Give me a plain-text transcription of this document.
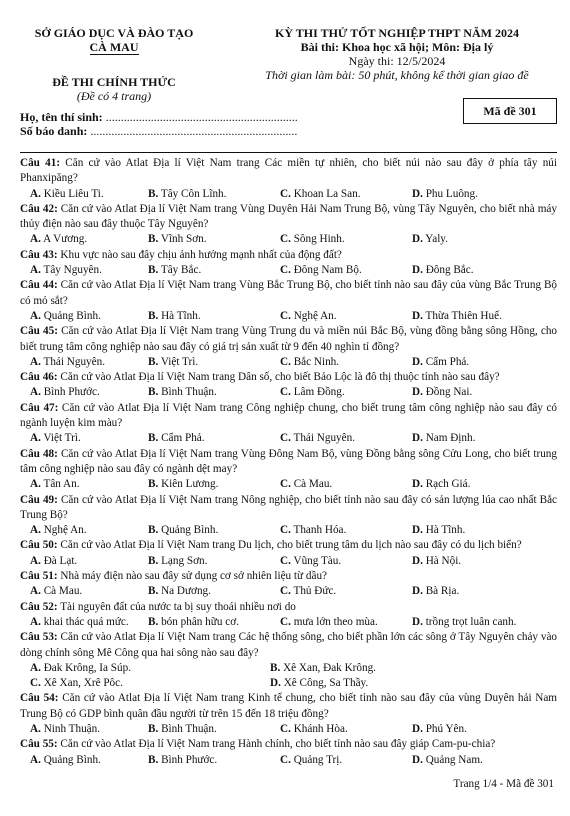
SỞ GIÁO DỤC VÀ ĐÀO TẠO
CÀ MAU
ĐỀ THI CHÍNH THỨC
(Đề có 4 trang)
KỲ THI THỬ TỐT NGHIỆP THPT NĂM 2024
Bài thi: Khoa học xã hội; Môn: Địa lý
Ngày thi: 12/5/2024
Thời gian làm bài: 50 phút, không kể thời gian giao đề
Mã đề 301
Họ, tên thí sinh: ................................................................
Số báo danh: .....................................................................
Câu 41: Căn cứ vào Atlat Địa lí Việt Nam trang Các miền tự nhiên, cho biết núi nào sau đây ở phía tây núi Phanxipăng?
A. Kiều Liêu Ti.	B. Tây Côn Lĩnh.	C. Khoan La San.	D. Phu Luông.
Câu 42: Căn cứ vào Atlat Địa lí Việt Nam trang Vùng Duyên Hải Nam Trung Bộ, vùng Tây Nguyên, cho biết nhà máy thủy điện nào sau đây thuộc Tây Nguyên?
A. A Vương.	B. Vĩnh Sơn.	C. Sông Hinh.	D. Yaly.
Câu 43: Khu vực nào sau đây chịu ảnh hưởng mạnh nhất của động đất?
A. Tây Nguyên.	B. Tây Bắc.	C. Đông Nam Bộ.	D. Đông Bắc.
Câu 44: Căn cứ vào Atlat Địa lí Việt Nam trang Vùng Bắc Trung Bộ, cho biết tỉnh nào sau đây của vùng Bắc Trung Bộ có mỏ sắt?
A. Quảng Bình.	B. Hà Tĩnh.	C. Nghệ An.	D. Thừa Thiên Huế.
Câu 45: Căn cứ vào Atlat Địa lí Việt Nam trang Vùng Trung du và miền núi Bắc Bộ, vùng đồng bằng sông Hồng, cho biết trung tâm công nghiệp nào sau đây có giá trị sản xuất từ 9 đến 40 nghìn tỉ đồng?
A. Thái Nguyên.	B. Việt Trì.	C. Bắc Ninh.	D. Cẩm Phả.
Câu 46: Căn cứ vào Atlat Địa lí Việt Nam trang Dân số, cho biết Bảo Lộc là đô thị thuộc tỉnh nào sau đây?
A. Bình Phước.	B. Bình Thuận.	C. Lâm Đồng.	D. Đồng Nai.
Câu 47: Căn cứ vào Atlat Địa lí Việt Nam trang Công nghiệp chung, cho biết trung tâm công nghiệp nào sau đây có ngành luyện kim màu?
A. Việt Trì.	B. Cẩm Phả.	C. Thái Nguyên.	D. Nam Định.
Câu 48: Căn cứ vào Atlat Địa lí Việt Nam trang Vùng Đông Nam Bộ, vùng Đồng bằng sông Cửu Long, cho biết trung tâm công nghiệp nào sau đây có ngành dệt may?
A. Tân An.	B. Kiên Lương.	C. Cà Mau.	D. Rạch Giá.
Câu 49: Căn cứ vào Atlat Địa lí Việt Nam trang Nông nghiệp, cho biết tỉnh nào sau đây có sản lượng lúa cao nhất Bắc Trung Bộ?
A. Nghệ An.	B. Quảng Bình.	C. Thanh Hóa.	D. Hà Tĩnh.
Câu 50: Căn cứ vào Atlat Địa lí Việt Nam trang Du lịch, cho biết trung tâm du lịch nào sau đây có du lịch biển?
A. Đà Lạt.	B. Lạng Sơn.	C. Vũng Tàu.	D. Hà Nội.
Câu 51: Nhà máy điện nào sau đây sử dụng cơ sở nhiên liệu từ dầu?
A. Cà Mau.	B. Na Dương.	C. Thủ Đức.	D. Bà Rịa.
Câu 52: Tài nguyên đất của nước ta bị suy thoái nhiều nơi do
A. khai thác quá mức. B. bón phân hữu cơ.	C. mưa lớn theo mùa.	D. trồng trọt luân canh.
Câu 53: Căn cứ vào Atlat Địa lí Việt Nam trang Các hệ thống sông, cho biết phần lớn các sông ở Tây Nguyên chảy vào dòng chính sông Mê Công qua hai sông nào sau đây?
A. Đak Krông, Ia Súp.	B. Xê Xan, Đak Krông.
C. Xê Xan, Xrê Pôc.	D. Xê Công, Sa Thầy.
Câu 54: Căn cứ vào Atlat Địa lí Việt Nam trang Kinh tế chung, cho biết tỉnh nào sau đây của vùng Duyên hải Nam Trung Bộ có GDP bình quân đầu người từ trên 15 đến 18 triệu đồng?
A. Ninh Thuận.	B. Bình Thuận.	C. Khánh Hòa.	D. Phú Yên.
Câu 55: Căn cứ vào Atlat Địa lí Việt Nam trang Hành chính, cho biết tỉnh nào sau đây giáp Cam-pu-chia?
A. Quảng Bình.	B. Bình Phước.	C. Quảng Trị.	D. Quảng Nam.
Trang 1/4 - Mã đề 301
